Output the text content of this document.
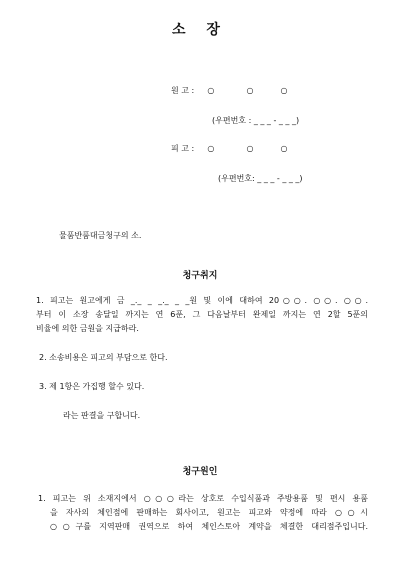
소 장
원 고 : ○	○	○
(우편번호 : _ _ _ - _ _ _)
피 고 : ○	○	○
(우편번호: _ _ _ - _ _ _)
물품반품대금청구의 소.
청구취지
1. 피고는 원고에게 금 _._ _ _._ _ _원 및 이에 대하여 20○○. ○○. ○○.
부터 이 소장 송달일 까지는 연 6푼, 그 다음날부터 완제일 까지는 연 2할 5푼의
비율에 의한 금원을 지급하라.
2. 소송비용은 피고의 부담으로 한다.
3. 제 1항은 가집행 할수 있다.
라는 판결을 구합니다.
청구원인
1. 피고는 위 소재지에서 ○○○라는 상호로 수입식품과 주방용품 및 편시 용품
을 자사의 체인점에 판매하는 회사이고, 원고는 피고와 약정에 따라 ○○시
○○구를 지역판매 권역으로 하여 체인스토아 계약을 체결한 대리점주입니다.
